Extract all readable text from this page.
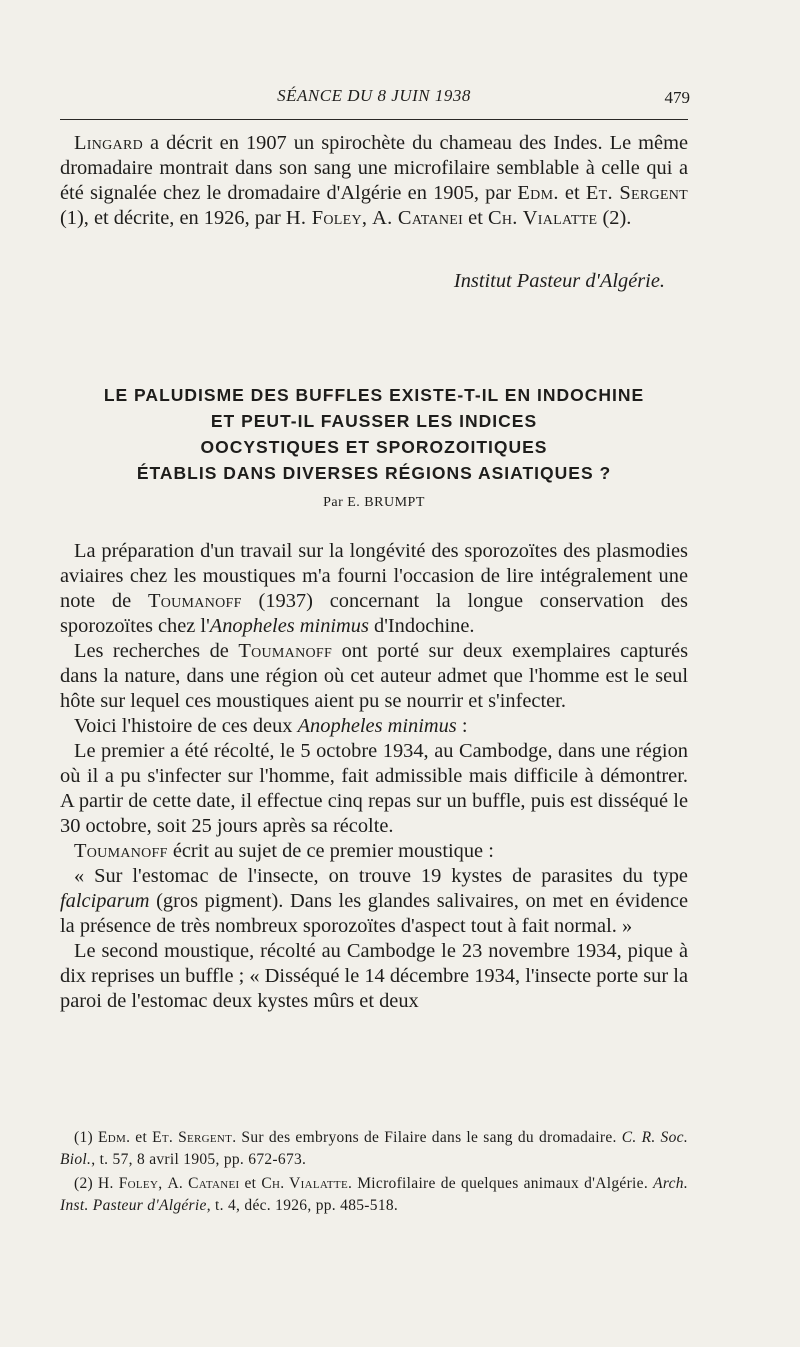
SÉANCE DU 8 JUIN 1938	479

Lingard a décrit en 1907 un spirochète du chameau des Indes. Le même dromadaire montrait dans son sang une microfilaire semblable à celle qui a été signalée chez le dromadaire d'Algérie en 1905, par Edm. et Et. Sergent (1), et décrite, en 1926, par H. Foley, A. Catanei et Ch. Vialatte (2).

Institut Pasteur d'Algérie.
LE PALUDISME DES BUFFLES EXISTE-T-IL EN INDOCHINE
ET PEUT-IL FAUSSER LES INDICES
OOCYSTIQUES ET SPOROZOITIQUES
ÉTABLIS DANS DIVERSES RÉGIONS ASIATIQUES ?
Par E. BRUMPT

La préparation d'un travail sur la longévité des sporozoïtes des plasmodies aviaires chez les moustiques m'a fourni l'occasion de lire intégralement une note de Toumanoff (1937) concernant la longue conservation des sporozoïtes chez l'Anopheles minimus d'Indochine.

Les recherches de Toumanoff ont porté sur deux exemplaires capturés dans la nature, dans une région où cet auteur admet que l'homme est le seul hôte sur lequel ces moustiques aient pu se nourrir et s'infecter.

Voici l'histoire de ces deux Anopheles minimus :

Le premier a été récolté, le 5 octobre 1934, au Cambodge, dans une région où il a pu s'infecter sur l'homme, fait admissible mais difficile à démontrer. A partir de cette date, il effectue cinq repas sur un buffle, puis est disséqué le 30 octobre, soit 25 jours après sa récolte.

Toumanoff écrit au sujet de ce premier moustique :

« Sur l'estomac de l'insecte, on trouve 19 kystes de parasites du type falciparum (gros pigment). Dans les glandes salivaires, on met en évidence la présence de très nombreux sporozoïtes d'aspect tout à fait normal. »

Le second moustique, récolté au Cambodge le 23 novembre 1934, pique à dix reprises un buffle ; « Disséqué le 14 décembre 1934, l'insecte porte sur la paroi de l'estomac deux kystes mûrs et deux

(1) Edm. et Et. Sergent. Sur des embryons de Filaire dans le sang du dromadaire. C. R. Soc. Biol., t. 57, 8 avril 1905, pp. 672-673.

(2) H. Foley, A. Catanei et Ch. Vialatte. Microfilaire de quelques animaux d'Algérie. Arch. Inst. Pasteur d'Algérie, t. 4, déc. 1926, pp. 485-518.
